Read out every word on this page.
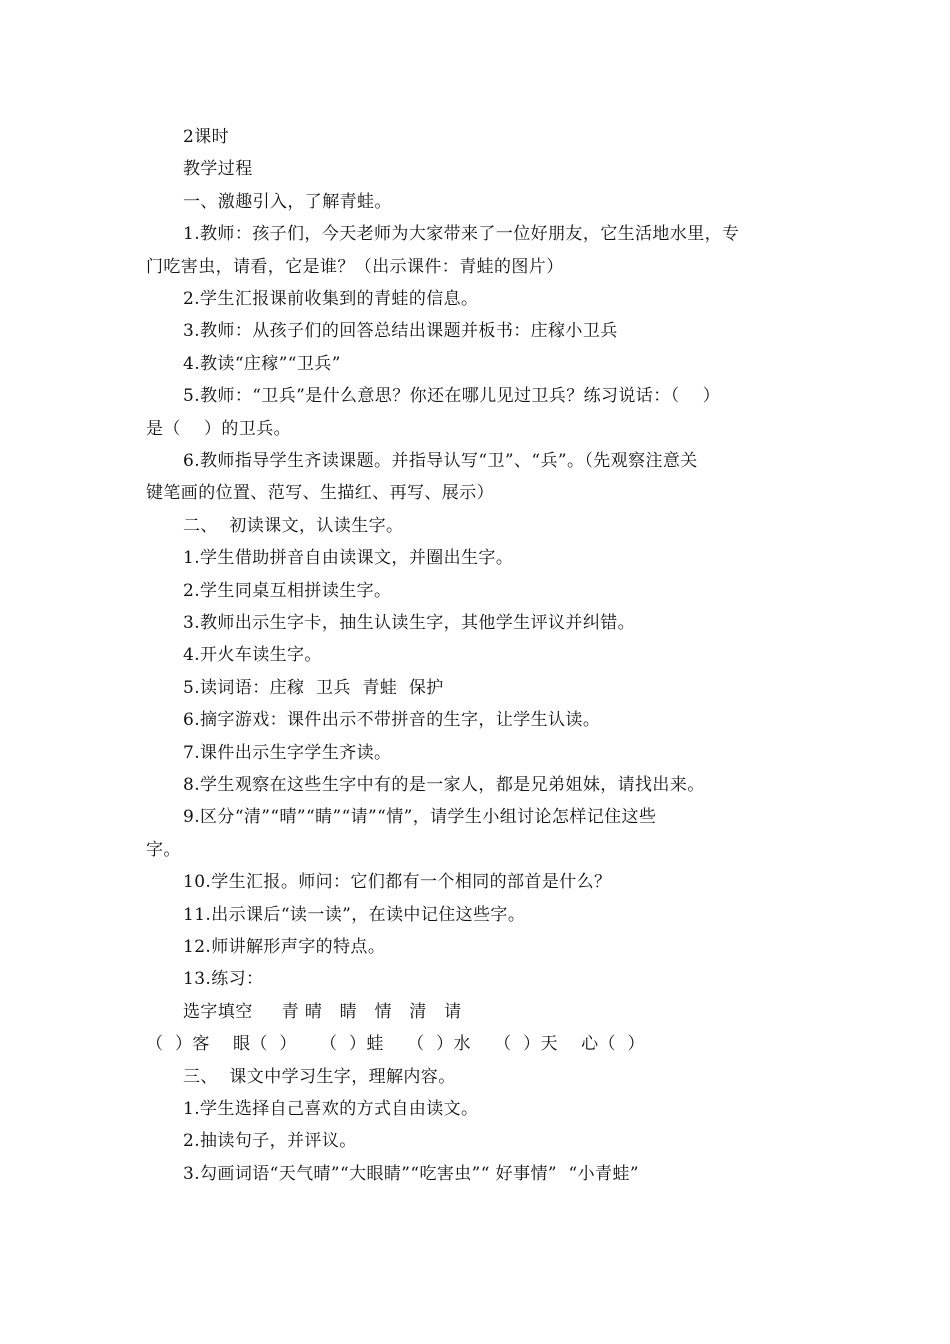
2课时
教学过程
一、激趣引入，了解青蛙。
1.教师：孩子们，今天老师为大家带来了一位好朋友，它生活地水里，专
门吃害虫，请看，它是谁？（出示课件：青蛙的图片）
2.学生汇报课前收集到的青蛙的信息。
3.教师：从孩子们的回答总结出课题并板书：庄稼小卫兵
4.教读“庄稼”“卫兵”
5.教师：“卫兵”是什么意思？你还在哪儿见过卫兵？练习说话：（    ）
是（    ）的卫兵。
6.教师指导学生齐读课题。并指导认写“卫”、“兵”。（先观察注意关
键笔画的位置、范写、生描红、再写、展示）
二、  初读课文，认读生字。
1.学生借助拼音自由读课文，并圈出生字。
2.学生同桌互相拼读生字。
3.教师出示生字卡，抽生认读生字，其他学生评议并纠错。
4.开火车读生字。
5.读词语：庄稼  卫兵  青蛙  保护
6.摘字游戏：课件出示不带拼音的生字，让学生认读。
7.课件出示生字学生齐读。
8.学生观察在这些生字中有的是一家人，都是兄弟姐妹，请找出来。
9.区分“清”“晴”“睛”“请”“情”，请学生小组讨论怎样记住这些
字。
10.学生汇报。师问：它们都有一个相同的部首是什么？
11.出示课后“读一读”，在读中记住这些字。
12.师讲解形声字的特点。
13.练习：
选字填空     青 晴   睛   情   清   请
（  ）客    眼（  ）    （  ）蛙    （  ）水    （  ）天    心（  ）
三、  课文中学习生字，理解内容。
1.学生选择自己喜欢的方式自由读文。
2.抽读句子，并评议。
3.勾画词语“天气晴”“大眼睛”“吃害虫”“ 好事情”  “小青蛙”
